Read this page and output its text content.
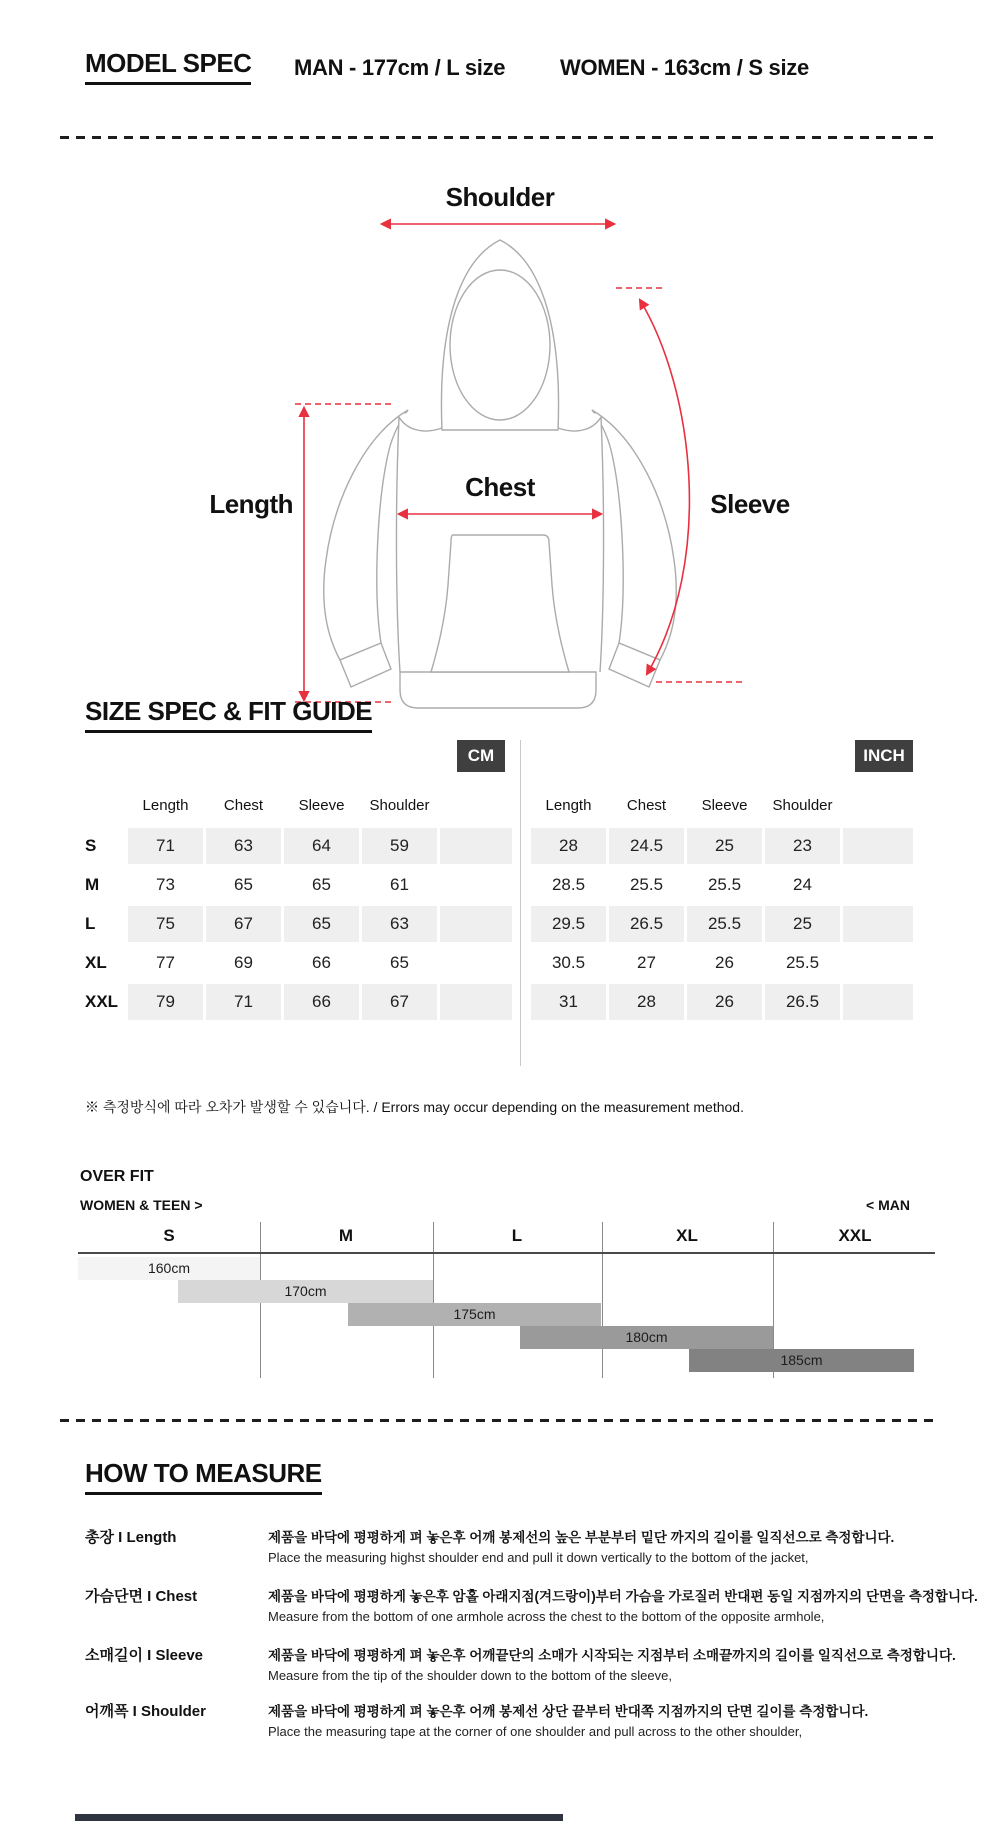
MODEL SPEC MAN - 177cm / L size WOMEN - 163cm / S size
Shoulder
Length
Chest
Sleeve
SIZE SPEC & FIT GUIDE
CM	INCH
Length	Chest	Sleeve	Shoulder	Length	Chest	Sleeve	Shoulder
S	71	63	64	59	28	24.5	25	23
M	73	65	65	61	28.5	25.5	25.5	24
L	75	67	65	63	29.5	26.5	25.5	25
XL	77	69	66	65	30.5	27	26	25.5
XXL	79	71	66	67	31	28	26	26.5
※ 측정방식에 따라 오차가 발생할 수 있습니다. / Errors may occur depending on the measurement method.
OVER FIT
WOMEN & TEEN >	< MAN
S	M	L	XL	XXL
160cm
170cm
175cm
180cm
185cm
HOW TO MEASURE
총장 I Length	제품을 바닥에 평평하게 펴 놓은후 어깨 봉제선의 높은 부분부터 밑단 까지의 길이를 일직선으로 측정합니다.
Place the measuring highst shoulder end and pull it down vertically to the bottom of the jacket,
가슴단면 I Chest	제품을 바닥에 평평하게 놓은후 암홀 아래지점(겨드랑이)부터 가슴을 가로질러 반대편 동일 지점까지의 단면을 측정합니다.
Measure from the bottom of one armhole across the chest to the bottom of the opposite armhole,
소매길이 I Sleeve	제품을 바닥에 평평하게 펴 놓은후 어깨끝단의 소매가 시작되는 지점부터 소매끝까지의 길이를 일직선으로 측정합니다.
Measure from the tip of the shoulder down to the bottom of the sleeve,
어깨폭 I Shoulder	제품을 바닥에 평평하게 펴 놓은후 어깨 봉제선 상단 끝부터 반대쪽 지점까지의 단면 길이를 측정합니다.
Place the measuring tape at the corner of one shoulder and pull across to the other shoulder,
